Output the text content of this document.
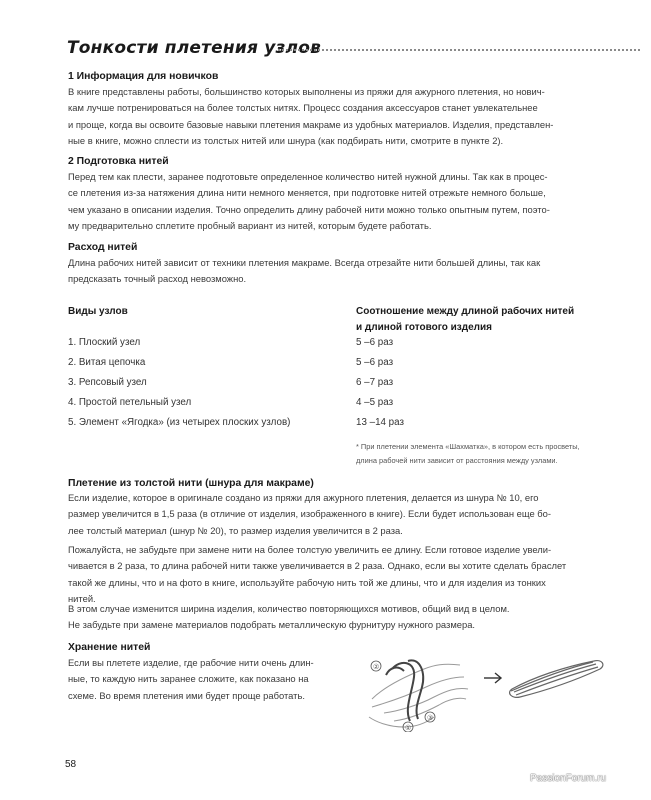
Тонкости плетения узлов
1 Информация для новичков
В книге представлены работы, большинство которых выполнены из пряжи для ажурного плетения, но нович-
кам лучше потренироваться на более толстых нитях. Процесс создания аксессуаров станет увлекательнее
и проще, когда вы освоите базовые навыки плетения макраме из удобных материалов. Изделия, представлен-
ные в книге, можно сплести из толстых нитей или шнура (как подбирать нити, смотрите в пункте 2).
2 Подготовка нитей
Перед тем как плести, заранее подготовьте определенное количество нитей нужной длины. Так как в процес-
се плетения из-за натяжения длина нити немного меняется, при подготовке нитей отрежьте немного больше,
чем указано в описании изделия. Точно определить длину рабочей нити можно только опытным путем, поэто-
му предварительно сплетите пробный вариант из нитей, которым будете работать.
Расход нитей
Длина рабочих нитей зависит от техники плетения макраме. Всегда отрезайте нити большей длины, так как
предсказать точный расход невозможно.
Виды узлов	Соотношение между длиной рабочих нитей
и длиной готового изделия
1. Плоский узел	5 –6 раз
2. Витая цепочка	5 –6 раз
3. Репсовый узел	6 –7 раз
4. Простой петельный узел	4 –5 раз
5. Элемент «Ягодка» (из четырех плоских узлов)	13 –14 раз
* При плетении элемента «Шахматка», в котором есть просветы,
длина рабочей нити зависит от расстояния между узлами.
Плетение из толстой нити (шнура для макраме)
Если изделие, которое в оригинале создано из пряжи для ажурного плетения, делается из шнура № 10, его
размер увеличится в 1,5 раза (в отличие от изделия, изображенного в книге). Если будет использован еще бо-
лее толстый материал (шнур № 20), то размер изделия увеличится в 2 раза.
Пожалуйста, не забудьте при замене нити на более толстую увеличить ее длину. Если готовое изделие увели-
чивается в 2 раза, то длина рабочей нити также увеличивается в 2 раза. Однако, если вы хотите сделать браслет
такой же длины, что и на фото в книге, используйте рабочую нить той же длины, что и для изделия из тонких
нитей.
В этом случае изменится ширина изделия, количество повторяющихся мотивов, общий вид в целом.
Не забудьте при замене материалов подобрать металлическую фурнитуру нужного размера.
Хранение нитей
Если вы плетете изделие, где рабочие нити очень длин-
ные, то каждую нить заранее сложите, как показано на
схеме. Во время плетения ими будет проще работать.
②
①
③
58
PassionForum.ru
